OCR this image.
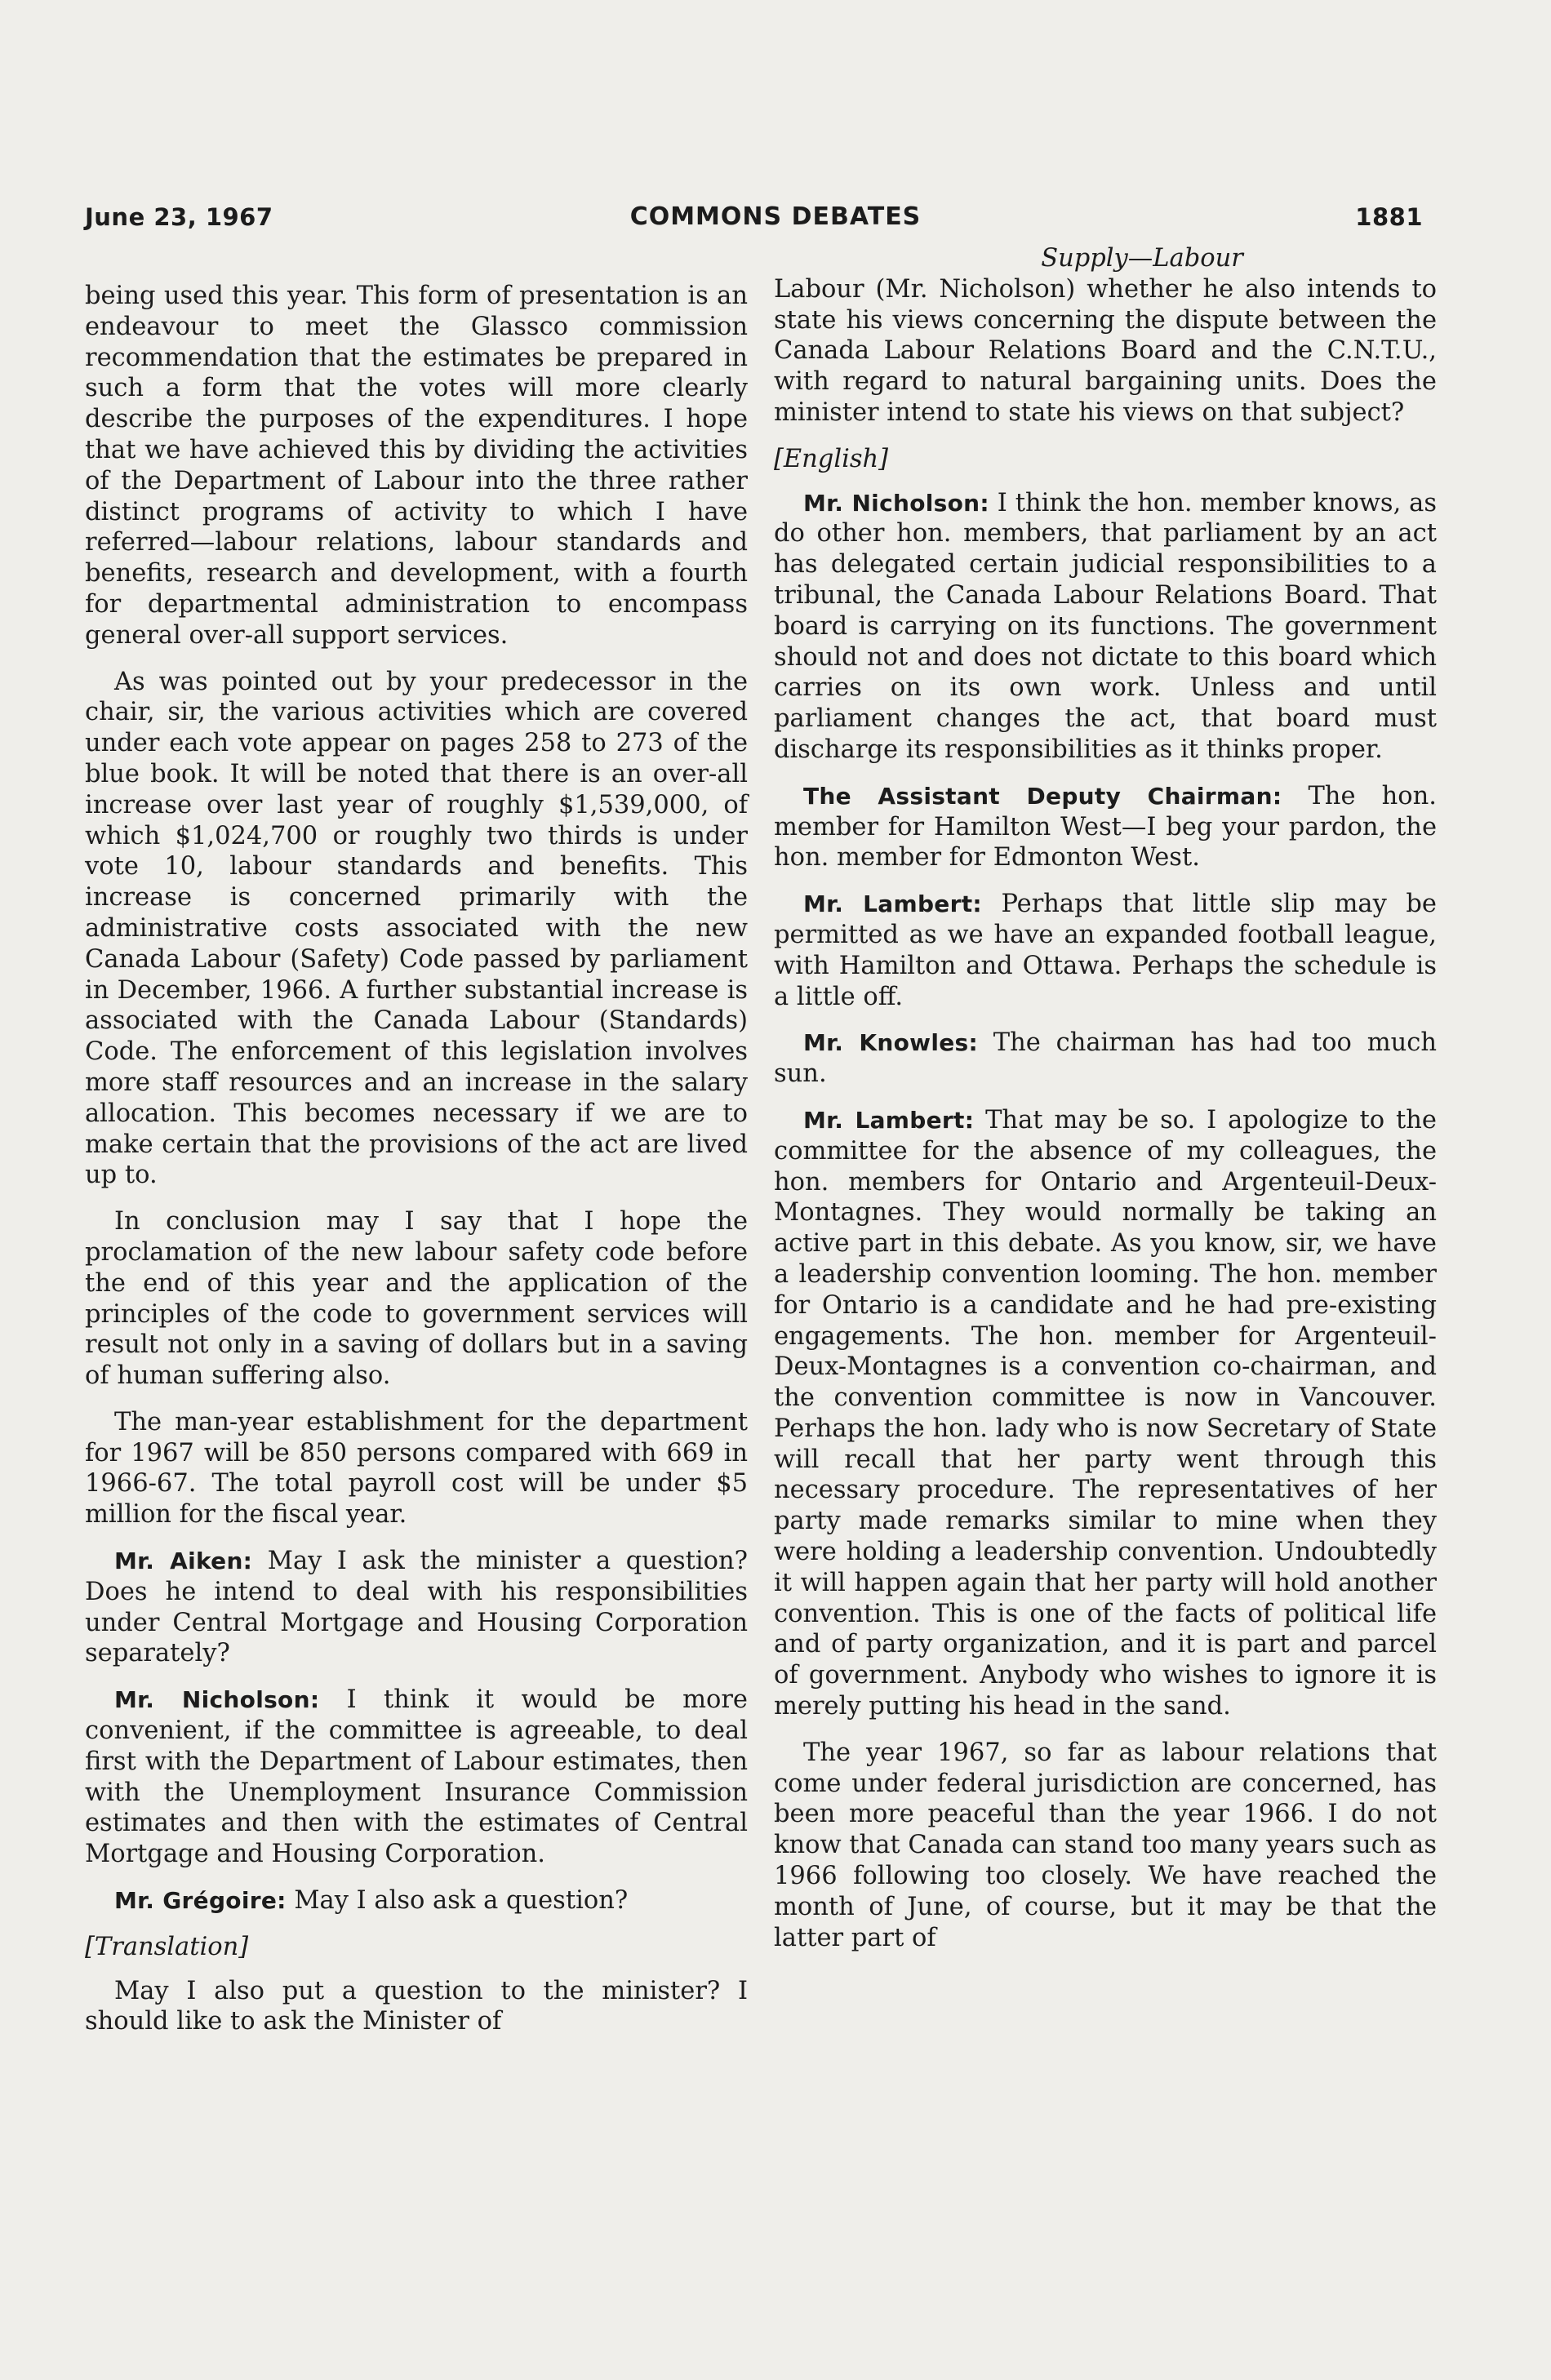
June 23, 1967	COMMONS DEBATES	1881

being used this year. This form of presentation is an endeavour to meet the Glassco commission recommendation that the estimates be prepared in such a form that the votes will more clearly describe the purposes of the expenditures. I hope that we have achieved this by dividing the activities of the Department of Labour into the three rather distinct programs of activity to which I have referred—labour relations, labour standards and benefits, research and development, with a fourth for departmental administration to encompass general over-all support services.

As was pointed out by your predecessor in the chair, sir, the various activities which are covered under each vote appear on pages 258 to 273 of the blue book. It will be noted that there is an over-all increase over last year of roughly $1,539,000, of which $1,024,700 or roughly two thirds is under vote 10, labour standards and benefits. This increase is concerned primarily with the administrative costs associated with the new Canada Labour (Safety) Code passed by parliament in December, 1966. A further substantial increase is associated with the Canada Labour (Standards) Code. The enforcement of this legislation involves more staff resources and an increase in the salary allocation. This becomes necessary if we are to make certain that the provisions of the act are lived up to.

In conclusion may I say that I hope the proclamation of the new labour safety code before the end of this year and the application of the principles of the code to government services will result not only in a saving of dollars but in a saving of human suffering also.

The man-year establishment for the department for 1967 will be 850 persons compared with 669 in 1966-67. The total payroll cost will be under $5 million for the fiscal year.

Mr. Aiken: May I ask the minister a question? Does he intend to deal with his responsibilities under Central Mortgage and Housing Corporation separately?

Mr. Nicholson: I think it would be more convenient, if the committee is agreeable, to deal first with the Department of Labour estimates, then with the Unemployment Insurance Commission estimates and then with the estimates of Central Mortgage and Housing Corporation.

Mr. Grégoire: May I also ask a question?

[Translation]

May I also put a question to the minister? I should like to ask the Minister of

Supply—Labour

Labour (Mr. Nicholson) whether he also intends to state his views concerning the dispute between the Canada Labour Relations Board and the C.N.T.U., with regard to natural bargaining units. Does the minister intend to state his views on that subject?

[English]

Mr. Nicholson: I think the hon. member knows, as do other hon. members, that parliament by an act has delegated certain judicial responsibilities to a tribunal, the Canada Labour Relations Board. That board is carrying on its functions. The government should not and does not dictate to this board which carries on its own work. Unless and until parliament changes the act, that board must discharge its responsibilities as it thinks proper.

The Assistant Deputy Chairman: The hon. member for Hamilton West—I beg your pardon, the hon. member for Edmonton West.

Mr. Lambert: Perhaps that little slip may be permitted as we have an expanded football league, with Hamilton and Ottawa. Perhaps the schedule is a little off.

Mr. Knowles: The chairman has had too much sun.

Mr. Lambert: That may be so. I apologize to the committee for the absence of my colleagues, the hon. members for Ontario and Argenteuil-Deux-Montagnes. They would normally be taking an active part in this debate. As you know, sir, we have a leadership convention looming. The hon. member for Ontario is a candidate and he had pre-existing engagements. The hon. member for Argenteuil-Deux-Montagnes is a convention co-chairman, and the convention committee is now in Vancouver. Perhaps the hon. lady who is now Secretary of State will recall that her party went through this necessary procedure. The representatives of her party made remarks similar to mine when they were holding a leadership convention. Undoubtedly it will happen again that her party will hold another convention. This is one of the facts of political life and of party organization, and it is part and parcel of government. Anybody who wishes to ignore it is merely putting his head in the sand.

The year 1967, so far as labour relations that come under federal jurisdiction are concerned, has been more peaceful than the year 1966. I do not know that Canada can stand too many years such as 1966 following too closely. We have reached the month of June, of course, but it may be that the latter part of
